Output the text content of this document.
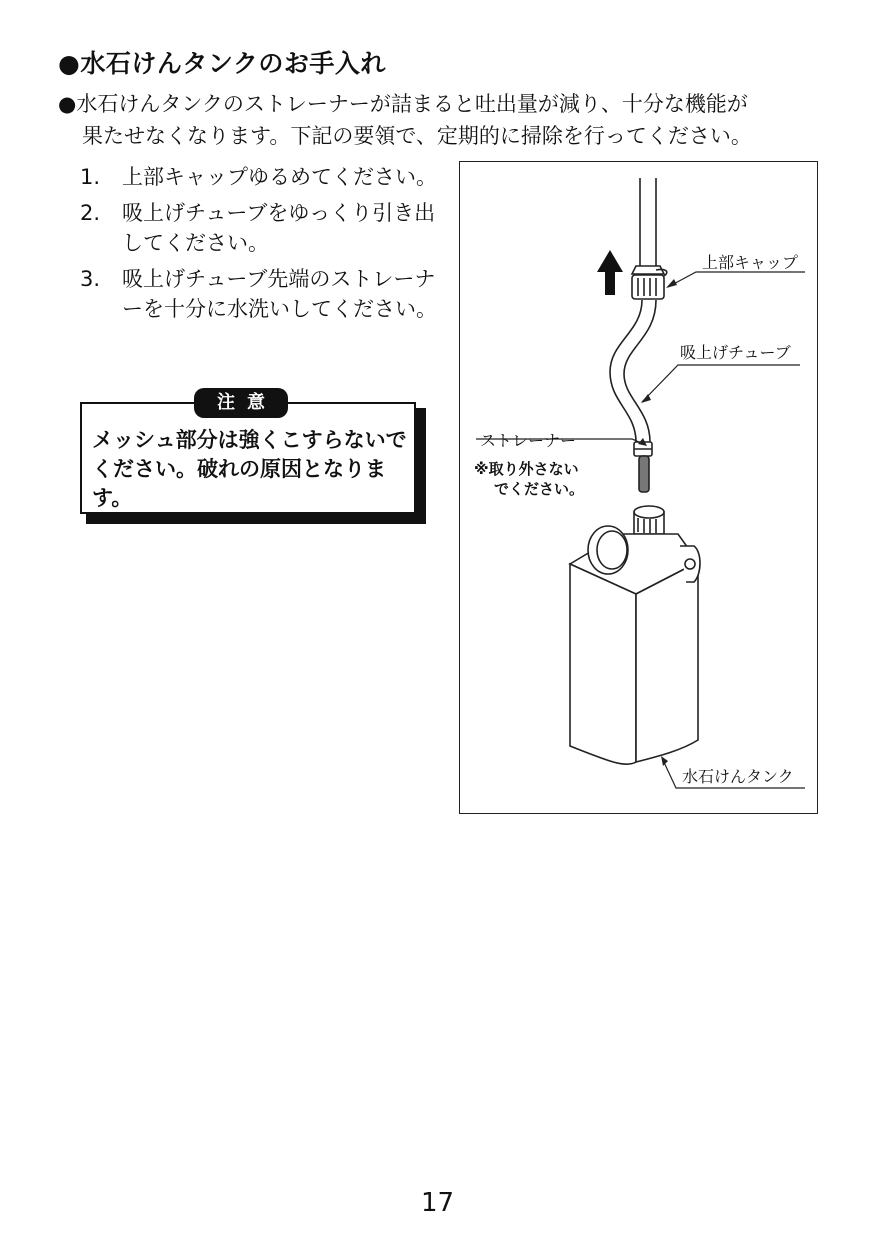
●水石けんタンクのお手入れ
●水石けんタンクのストレーナーが詰まると吐出量が減り、十分な機能が
果たせなくなります。下記の要領で、定期的に掃除を行ってください。
1. 上部キャップゆるめてください。
2. 吸上げチューブをゆっくり引き出してください。
3. 吸上げチューブ先端のストレーナーを十分に水洗いしてください。
注意
メッシュ部分は強くこすらないでください。破れの原因となります。
上部キャップ
吸上げチューブ
ストレーナー
※取り外さない
でください。
水石けんタンク
17
